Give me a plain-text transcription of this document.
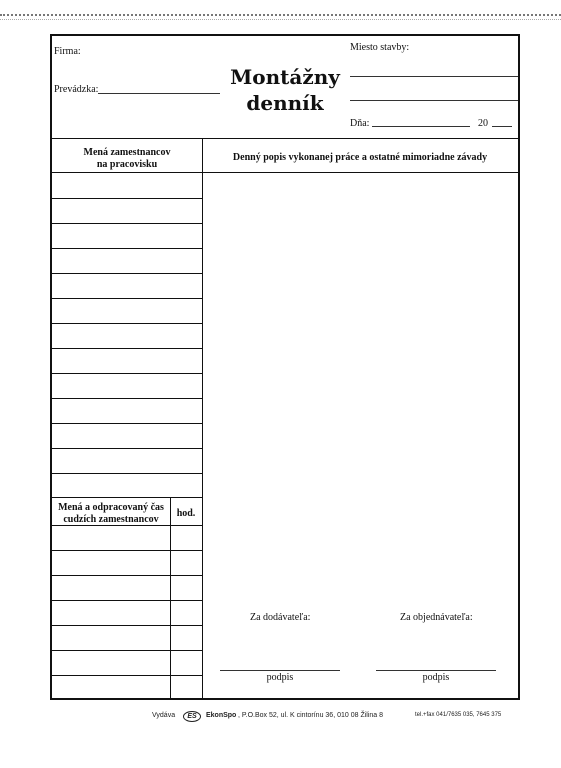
Firma:
Prevádzka:
Montážny
denník
Miesto stavby:
Dňa:	20
Mená zamestnancov
na pracovisku
Denný popis vykonanej práce a ostatné mimoriadne závady
Mená a odpracovaný čas
cudzích zamestnancov
hod.
Za dodávateľa:	Za objednávateľa:
podpis	podpis
Vydáva	ES	EkonSpo , P.O.Box 52, ul. K cintorínu 36, 010 08 Žilina 8	tel.+fax 041/7635 035, 7645 375
